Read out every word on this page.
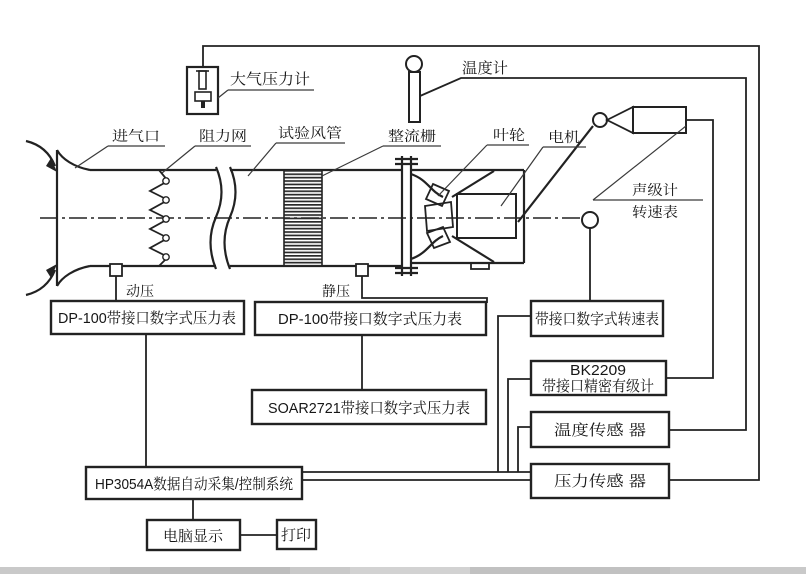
大气压力计
温度计
进气口	阻力网 试验风管	整流栅	叶轮 电机
声级计
转速表
动压	静压
DP-100带接口数字式压力表 DP-100带接口数字式压力表
SOAR2721带接口数字式压力表
HP3054A数据自动采集/控制系统
电脑显示	打印
带接口数字式转速表
BK2209
带接口精密有级计
温度传感 器
压力传感 器
